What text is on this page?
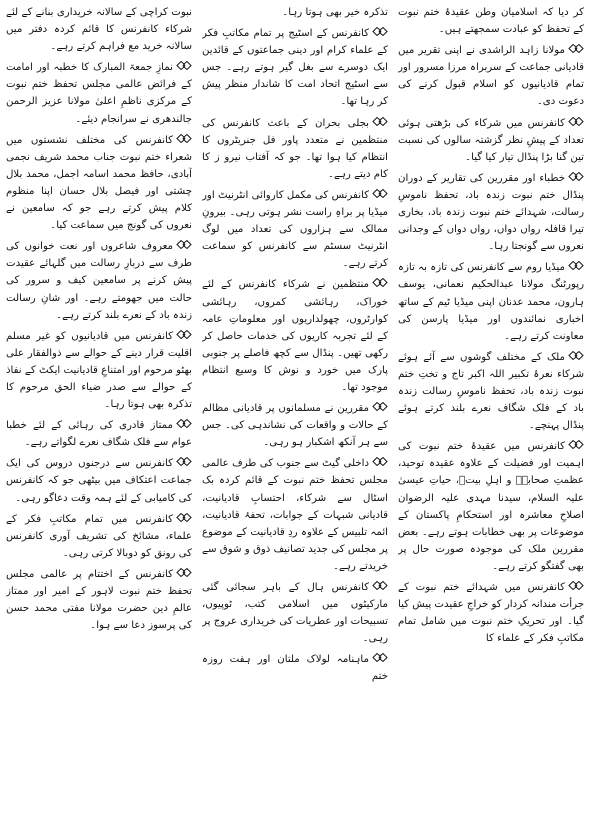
کر دیا کہ اسلامیان وطن عقیدۂ ختم نبوت کے تحفظ کو عبادت سمجھتے ہیں۔
مولانا زاہد الراشدی نے اپنی تقریر میں قادیانی جماعت کے سربراہ مرزا مسرور اور تمام قادیانیوں کو اسلام قبول کرنے کی دعوت دی۔
کانفرنس میں شرکاء کی بڑھتی ہوئی تعداد کے پیشِ نظر گزشتہ سالوں کی نسبت تین گنا بڑا پنڈال تیار کیا گیا۔
خطباء اور مقررین کی تقاریر کے دوران پنڈال ختم نبوت زندہ باد، تحفظ ناموسِ رسالت، شہدائے ختم نبوت زندہ باد، بخاری تیرا قافلہ رواں دواں، رواں دواں کے وجدانی نعروں سے گونجتا رہا۔
میڈیا روم سے کانفرنس کی تازہ بہ تازہ رپورٹنگ مولانا عبدالحکیم نعمانی، یوسف ہارون، محمد عدنان اپنی میڈیا ٹیم کے ساتھ اخباری نمائندوں اور میڈیا پارسن کی معاونت کرتے رہے۔
ملک کے مختلف گوشوں سے آئے ہوئے شرکاء نعرۂ تکبیر اللہ اکبر تاج و تختِ ختم نبوت زندہ باد، تحفظ ناموسِ رسالت زندہ باد کے فلک شگاف نعرے بلند کرتے ہوئے پنڈال پہنچے۔
کانفرنس میں عقیدۂ ختم نبوت کی اہمیت اور فضیلت کے علاوہ عقیدہ توحید، عظمتِ صحابہؓ و اہلِ بیتؓ، حیاتِ عیسیٰ علیہ السلام، سیدنا مہدی علیہ الرضوان اصلاحِ معاشرہ اور استحکامِ پاکستان کے موضوعات پر بھی خطابات ہوتے رہے۔ بعض مقررین ملک کی موجودہ صورت حال پر بھی گفتگو کرتے رہے۔
کانفرنس میں شہدائے ختم نبوت کے جرأت مندانہ کردار کو خراجِ عقیدت پیش کیا گیا۔ اور تحریکِ ختم نبوت میں شامل تمام مکاتبِ فکر کے علماء کا
تذکرہ خیر بھی ہوتا رہا۔
کانفرنس کے اسٹیج پر تمام مکاتبِ فکر کے علماء کرام اور دینی جماعتوں کے قائدین ایک دوسرے سے بغل گیر ہوتے رہے۔ جس سے اسٹیج اتحاد امت کا شاندار منظر پیش کر رہا تھا۔
بجلی بحران کے باعث کانفرنس کی منتظمین نے متعدد پاور فل جنریٹروں کا انتظام کیا ہوا تھا۔ جو کہ آفتاب نیرو ز کا کام دیتے رہے۔
کانفرنس کی مکمل کاروائی انٹرنیٹ اور میڈیا پر براہِ راست نشر ہوتی رہی۔ بیرونِ ممالک سے ہزاروں کی تعداد میں لوگ انٹرنیٹ سسٹم سے کانفرنس کو سماعت کرتے رہے۔
منتظمین نے شرکاء کانفرنس کے لئے خوراک، رہائشی کمروں، رہائشی کوارٹروں، چھولداریوں اور معلوماتِ عامہ کے لئے تجربہ کاریوں کی خدمات حاصل کر رکھی تھیں۔ پنڈال سے کچھ فاصلے پر جنوبی پارک میں خورد و نوش کا وسیع انتظام موجود تھا۔
مقررین نے مسلمانوں پر قادیانی مظالم کے حالات و واقعات کی نشاندہی کی۔ جس سے ہر آنکھ اشکبار ہو رہی۔
داخلی گیٹ سے جنوب کی طرف عالمی مجلس تحفظ ختم نبوت کے قائم کردہ بک اسٹال سے شرکاء، احتسابِ قادیانیت، قادیانی شبہات کے جوابات، تحفۂ قادیانیت، ائمہ تلبیس کے علاوہ ردِ قادیانیت کے موضوع پر مجلس کی جدید تصانیف ذوق و شوق سے خریدتے رہے۔
کانفرنس ہال کے باہر سجائی گئی مارکیٹوں میں اسلامی کتب، ٹوپیوں، تسبیحات اور عطریات کی خریداری عروج پر رہی۔
ماہنامہ لولاک ملتان اور ہفت روزہ ختم
نبوت کراچی کے سالانہ خریداری بنانے کے لئے شرکاء کانفرنس کا قائم کردہ دفتر میں سالانہ خرید مع فراہم کرتے رہے۔
نمازِ جمعۃ المبارک کا خطبہ اور امامت کے فرائض عالمی مجلس تحفظ ختم نبوت کے مرکزی ناظمِ اعلیٰ مولانا عزیز الرحمن جالندھری نے سرانجام دیئے۔
کانفرنس کی مختلف نشستوں میں شعراء ختم نبوت جناب محمد شریف نجمی آبادی، حافظ محمد اسامہ اجمل، محمد بلال چشتی اور فیصل بلال حسان اپنا منظوم کلام پیش کرتے رہے جو کہ سامعین نے نعروں کی گونج میں سماعت کیا۔
معروف شاعروں اور نعت خوانوں کی طرف سے دربارِ رسالت میں گلہائے عقیدت پیش کرنے پر سامعین کیف و سرور کی حالت میں جھومتے رہے۔ اور شانِ رسالت زندہ باد کے نعرے بلند کرتے رہے۔
کانفرنس میں قادیانیوں کو غیر مسلم اقلیت قرار دینے کے حوالے سے ذوالفقار علی بھٹو مرحوم اور امتناعِ قادیانیت ایکٹ کے نفاذ کے حوالے سے صدر ضیاء الحق مرحوم کا تذکرہ بھی ہوتا رہا۔
ممتاز قادری کی رہائی کے لئے خطبا عوام سے فلک شگاف نعرے لگواتے رہے۔
کانفرنس سے درجنوں دروس کی ایک جماعت اعتکاف میں بیٹھی جو کہ کانفرنس کی کامیابی کے لئے ہمہ وقت دعاگو رہی۔
کانفرنس میں تمام مکاتبِ فکر کے علماء، مشائخ کی تشریف آوری کانفرنس کی رونق کو دوبالا کرتی رہی۔
کانفرنس کے اختتام پر عالمی مجلس تحفظ ختم نبوت لاہور کے امیر اور ممتاز عالمِ دین حضرت مولانا مفتی محمد حسن کی پرسوز دعا سے ہوا۔
